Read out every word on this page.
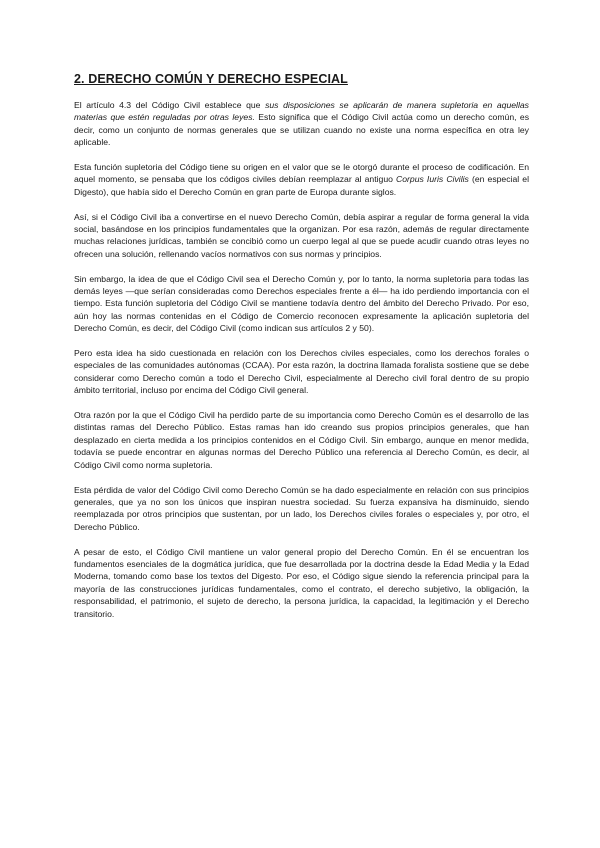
2. DERECHO COMÚN Y DERECHO ESPECIAL

El artículo 4.3 del Código Civil establece que sus disposiciones se aplicarán de manera supletoria en aquellas materias que estén reguladas por otras leyes. Esto significa que el Código Civil actúa como un derecho común, es decir, como un conjunto de normas generales que se utilizan cuando no existe una norma específica en otra ley aplicable.

Esta función supletoria del Código tiene su origen en el valor que se le otorgó durante el proceso de codificación. En aquel momento, se pensaba que los códigos civiles debían reemplazar al antiguo Corpus Iuris Civilis (en especial el Digesto), que había sido el Derecho Común en gran parte de Europa durante siglos.

Así, si el Código Civil iba a convertirse en el nuevo Derecho Común, debía aspirar a regular de forma general la vida social, basándose en los principios fundamentales que la organizan. Por esa razón, además de regular directamente muchas relaciones jurídicas, también se concibió como un cuerpo legal al que se puede acudir cuando otras leyes no ofrecen una solución, rellenando vacíos normativos con sus normas y principios.

Sin embargo, la idea de que el Código Civil sea el Derecho Común y, por lo tanto, la norma supletoria para todas las demás leyes —que serían consideradas como Derechos especiales frente a él— ha ido perdiendo importancia con el tiempo. Esta función supletoria del Código Civil se mantiene todavía dentro del ámbito del Derecho Privado. Por eso, aún hoy las normas contenidas en el Código de Comercio reconocen expresamente la aplicación supletoria del Derecho Común, es decir, del Código Civil (como indican sus artículos 2 y 50).

Pero esta idea ha sido cuestionada en relación con los Derechos civiles especiales, como los derechos forales o especiales de las comunidades autónomas (CCAA). Por esta razón, la doctrina llamada foralista sostiene que se debe considerar como Derecho común a todo el Derecho Civil, especialmente al Derecho civil foral dentro de su propio ámbito territorial, incluso por encima del Código Civil general.

Otra razón por la que el Código Civil ha perdido parte de su importancia como Derecho Común es el desarrollo de las distintas ramas del Derecho Público. Estas ramas han ido creando sus propios principios generales, que han desplazado en cierta medida a los principios contenidos en el Código Civil. Sin embargo, aunque en menor medida, todavía se puede encontrar en algunas normas del Derecho Público una referencia al Derecho Común, es decir, al Código Civil como norma supletoria.

Esta pérdida de valor del Código Civil como Derecho Común se ha dado especialmente en relación con sus principios generales, que ya no son los únicos que inspiran nuestra sociedad. Su fuerza expansiva ha disminuido, siendo reemplazada por otros principios que sustentan, por un lado, los Derechos civiles forales o especiales y, por otro, el Derecho Público.

A pesar de esto, el Código Civil mantiene un valor general propio del Derecho Común. En él se encuentran los fundamentos esenciales de la dogmática jurídica, que fue desarrollada por la doctrina desde la Edad Media y la Edad Moderna, tomando como base los textos del Digesto. Por eso, el Código sigue siendo la referencia principal para la mayoría de las construcciones jurídicas fundamentales, como el contrato, el derecho subjetivo, la obligación, la responsabilidad, el patrimonio, el sujeto de derecho, la persona jurídica, la capacidad, la legitimación y el Derecho transitorio.
